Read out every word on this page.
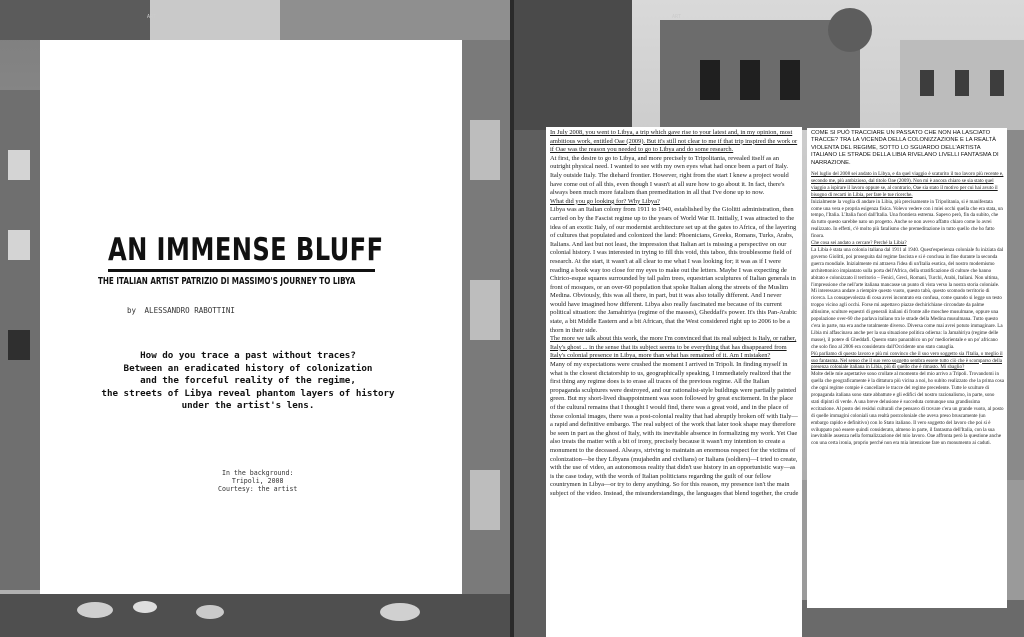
ART	ART
AN IMMENSE BLUFF
THE ITALIAN ARTIST PATRIZIO DI MASSIMO'S JOURNEY TO LIBYA
by ALESSANDRO RABOTTINI
How do you trace a past without traces?
Between an eradicated history of colonization
and the forceful reality of the regime,
the streets of Libya reveal phantom layers of history
under the artist's lens.
In the background:
Tripoli, 2008
Courtesy: the artist

In July 2008, you went to Libya, a trip which gave rise to your latest and, in my opinion, most ambitious work, entitled Oae (2009). But it's still not clear to me if that trip inspired the work or if Oae was the reason you needed to go to Libya and do some research.

At first, the desire to go to Libya, and more precisely to Tripolitania, revealed itself as an outright physical need. I wanted to see with my own eyes what had once been a part of Italy. Italy outside Italy. The diehard frontier. However, right from the start I knew a project would have come out of all this, even though I wasn't at all sure how to go about it. In fact, there's always been much more fatalism than premeditation in all that I've done up to now.

What did you go looking for? Why Libya?

Libya was an Italian colony from 1911 to 1940, established by the Giolitti administration, then carried on by the Fascist regime up to the years of World War II. Initially, I was attracted to the idea of an exotic Italy, of our modernist architecture set up at the gates to Africa, of the layering of cultures that populated and colonized the land: Phoenicians, Greeks, Romans, Turks, Arabs, Italians. And last but not least, the impression that Italian art is missing a perspective on our colonial history. I was interested in trying to fill this void, this taboo, this troublesome field of research. At the start, it wasn't at all clear to me what I was looking for; it was as if I were reading a book way too close for my eyes to make out the letters. Maybe I was expecting de Chirico-esque squares surrounded by tall palm trees, equestrian sculptures of Italian generals in front of mosques, or an over-60 population that spoke Italian along the streets of the Muslim Medina. Obviously, this was all there, in part, but it was also totally different. And I never would have imagined how different. Libya also really fascinated me because of its current political situation: the Jamahiriya (regime of the masses), Gheddafi's power. It's this Pan-Arabic state, a bit Middle Eastern and a bit African, that the West considered right up to 2006 to be a thorn in their side.

The more we talk about this work, the more I'm convinced that its real subject is Italy, or rather, Italy's ghost ... in the sense that its subject seems to be everything that has disappeared from Italy's colonial presence in Libya, more than what has remained of it. Am I mistaken?

Many of my expectations were crushed the moment I arrived in Tripoli. In finding myself in what is the closest dictatorship to us, geographically speaking, I immediately realized that the first thing any regime does is to erase all traces of the previous regime. All the Italian propaganda sculptures were destroyed, and our rationalist-style buildings were partially painted green. But my short-lived disappointment was soon followed by great excitement. In the place of the cultural remains that I thought I would find, there was a great void, and in the place of those colonial images, there was a post-colonial reality that had abruptly broken off with Italy—a rapid and definitive embargo. The real subject of the work that later took shape may therefore be seen in part as the ghost of Italy, with its inevitable absence in formalizing my work. Yet Oae also treats the matter with a bit of irony, precisely because it wasn't my intention to create a monument to the deceased. Always, striving to maintain an enormous respect for the victims of colonization—be they Libyans (mujahedin and civilians) or Italians (soldiers)—I tried to create, with the use of video, an autonomous reality that didn't use history in an opportunistic way—as is the case today, with the words of Italian politicians regarding the guilt of our fellow countrymen in Libya—or try to deny anything. So for this reason, my presence isn't the main subject of the video. Instead, the misunderstandings, the languages that blend together, the crude

COME SI PUÒ TRACCIARE UN PASSATO CHE NON HA LASCIATO TRACCE? TRA LA VICENDA DELLA COLONIZZAZIONE E LA REALTÀ VIOLENTA DEL REGIME, SOTTO LO SGUARDO DELL'ARTISTA ITALIANO LE STRADE DELLA LIBIA RIVELANO LIVELLI FANTASMA DI NARRAZIONE.

Nel luglio del 2008 sei andato in Libya, e da quel viaggio è scaturito il tuo lavoro più recente e, secondo me, più ambizioso, dal titolo Oae (2009). Non mi è ancora chiaro se sia stato quel viaggio a ispirare il lavoro oppure se, al contrario, Oae sia stato il motivo per cui hai avuto il bisogno di recarti in Libia, per fare le tue ricerche.

Inizialmente la voglia di andare in Libia, più precisamente in Tripolitania, si è manifestata come una vera e propria esigenza fisica. Volevo vedere con i miei occhi quella che era stata, un tempo, l'Italia. L'Italia fuori dall'Italia. Una frontiera estrema. Sapevo però, fin da subito, che da tutto questo sarebbe nato un progetto. Anche se non avevo affatto chiaro come lo avrei realizzato. In effetti, c'è molto più fatalismo che premeditazione in tutto quello che ho fatto finora.

Che cosa sei andato a cercare? Perché la Libia?

La Libia è stata una colonia italiana dal 1911 al 1940. Quest'esperienza coloniale fu iniziata dal governo Giolitti, poi proseguita dal regime fascista e si è conclusa in fine durante la seconda guerra mondiale. Inizialmente mi attraeva l'idea di un'Italia esotica, del nostro modernismo architettonico impiantato sulla porta dell'Africa, della stratificazione di culture che hanno abitato e colonizzato il territorio – Fenici, Greci, Romani, Turchi, Arabi, Italiani. Non ultima, l'impressione che nell'arte italiana mancasse un punto di vista verso la nostra storia coloniale. Mi interessava andare a riempire questo vuoto, questo tabù, questo scomodo territorio di ricerca. La consapevolezza di cosa avrei incontrato era confusa, come quando si legge un testo troppo vicino agli occhi. Forse mi aspettavo piazze dechirichiane circondate da palme altissime, sculture equestri di generali italiani di fronte alle moschee musulmane, oppure una popolazione over-60 che parlava italiano tra le strade della Medina musulmana. Tutto questo c'era in parte, ma era anche totalmente diverso. Diversa come mai avrei potuto immaginare. La Libia mi affascinava anche per la sua situazione politica odierna: la Jamahiriya (regime delle masse), il potere di Gheddafi. Questo stato panarabico un po' mediorientale e un po' africano che solo fino al 2006 era considerato dall'Occidente uno stato canaglia.

Più parliamo di questo lavoro e più mi convinco che il suo vero soggetto sia l'Italia, o meglio il suo fantasma. Nel senso che il suo vero soggetto sembra essere tutto ciò che è scomparso della presenza coloniale italiana in Libia, più di quello che è rimasto. Mi sbaglio?

Molte delle mie aspettative sono crollate al momento del mio arrivo a Tripoli. Trovandomi in quella che geograficamente è la dittatura più vicina a noi, ho subito realizzato che la prima cosa che ogni regime compie è cancellare le tracce del regime precedente. Tutte le sculture di propaganda italiana sono state abbattute e gli edifici del nostro razionalismo, in parte, sono stati dipinti di verde. A una breve delusione è succeduta comunque una grandissima eccitazione. Al posto dei residui culturali che pensavo di trovare c'era un grande vuoto, al posto di quelle immagini coloniali una realtà postcoloniale che aveva preso bruscamente (un embargo rapido e definitivo) con lo Stato italiano. Il vero soggetto del lavoro che poi si è sviluppato può essere quindi considerato, almeno in parte, il fantasma dell'Italia, con la sua inevitabile assenza nella formalizzazione del mio lavoro. Oae affronta però la questione anche con una certa ironia, proprio perché non era mia intenzione fare un monumento ai caduti.

PALEIDOSCOPE
